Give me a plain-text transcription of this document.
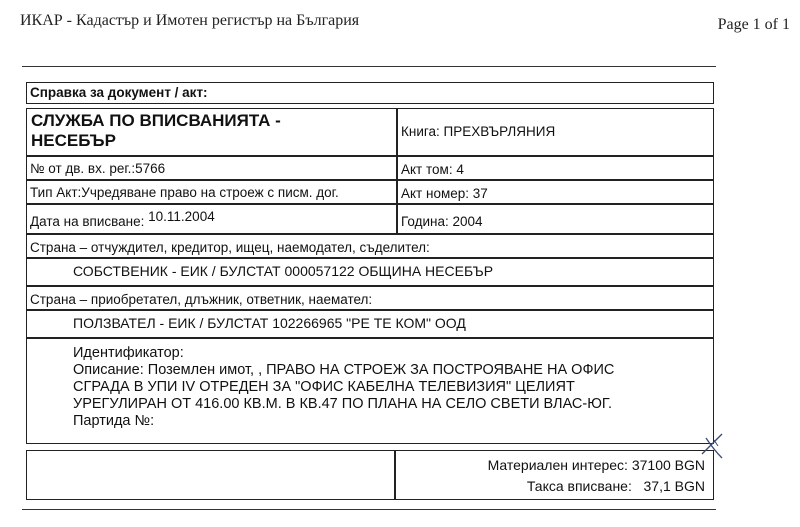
ИКАР - Кадастър и Имотен регистър на България	Page 1 of 1
Справка за документ / акт:
СЛУЖБА ПО ВПИСВАНИЯТА -
НЕСЕБЪР	Книга: ПРЕХВЪРЛЯНИЯ
№ от дв. вх. рег.:5766	Акт том: 4
Тип Акт:Учредяване право на строеж с писм. дог.	Акт номер: 37
Дата на вписване: 10.11.2004	Година: 2004
Страна – отчуждител, кредитор, ищец, наемодател, съделител:
СОБСТВЕНИК - ЕИК / БУЛСТАТ 000057122 ОБЩИНА НЕСЕБЪР
Страна – приобретател, длъжник, ответник, наемател:
ПОЛЗВАТЕЛ - ЕИК / БУЛСТАТ 102266965 "РЕ ТЕ КОМ" ООД
Идентификатор:
Описание: Поземлен имот, , ПРАВО НА СТРОЕЖ ЗА ПОСТРОЯВАНЕ НА ОФИС
СГРАДА В УПИ IV ОТРЕДЕН ЗА "ОФИС КАБЕЛНА ТЕЛЕВИЗИЯ" ЦЕЛИЯТ
УРЕГУЛИРАН ОТ 416.00 КВ.М. В КВ.47 ПО ПЛАНА НА СЕЛО СВЕТИ ВЛАС-ЮГ.
Партида №:
Материален интерес: 37100 BGN
Такса вписване:   37,1 BGN
